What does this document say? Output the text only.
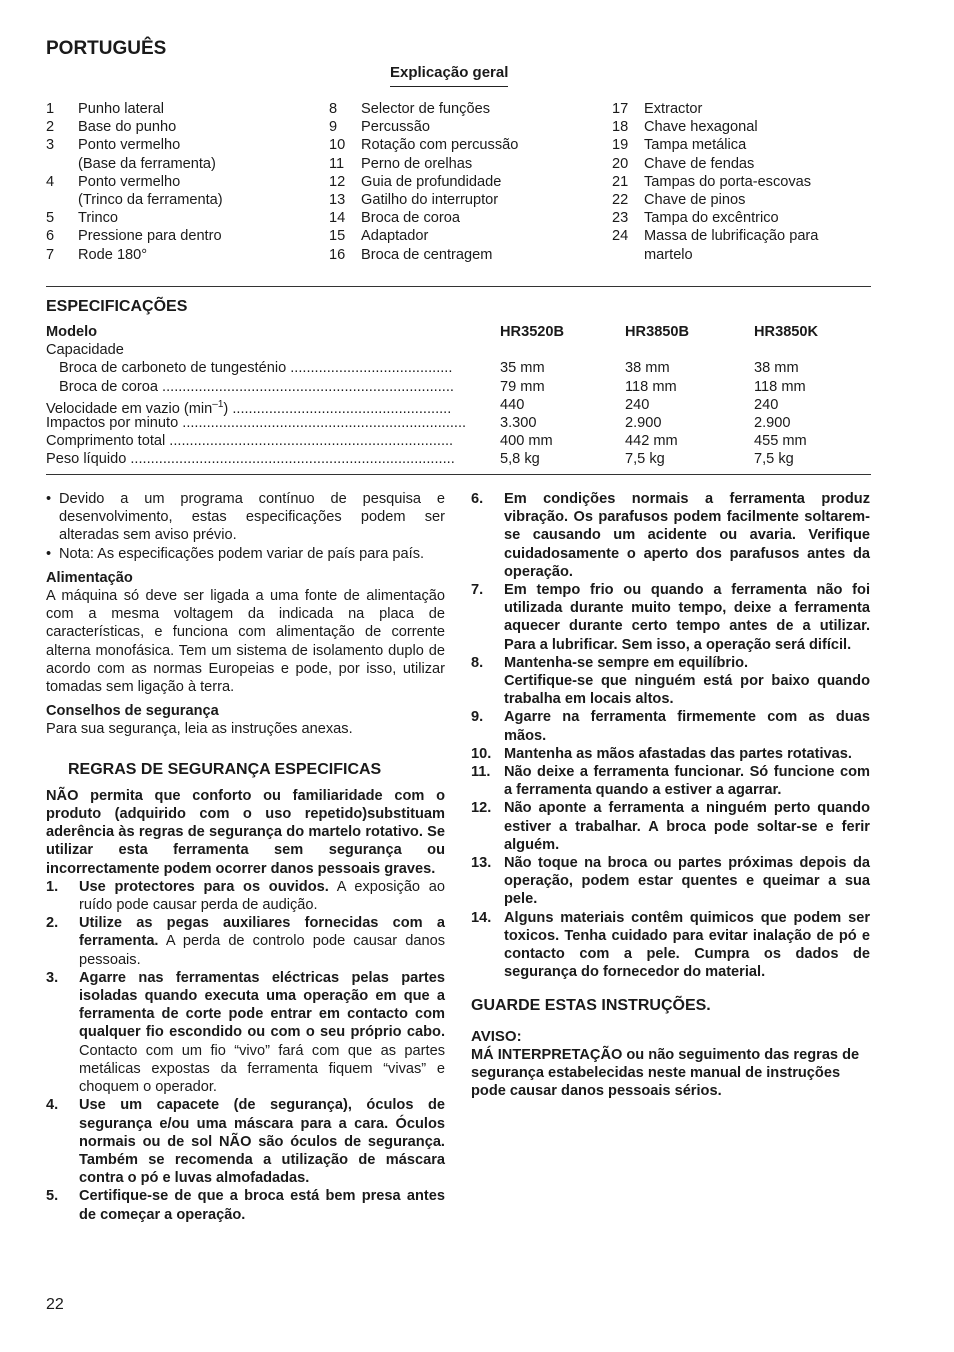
PORTUGUÊS
Explicação geral
1	Punho lateral
2	Base do punho
3	Ponto vermelho
(Base da ferramenta)
4	Ponto vermelho
(Trinco da ferramenta)
5	Trinco
6	Pressione para dentro
7	Rode 180°
8	Selector de funções
9	Percussão
10	Rotação com percussão
11	Perno de orelhas
12	Guia de profundidade
13	Gatilho do interruptor
14	Broca de coroa
15	Adaptador
16	Broca de centragem
17	Extractor
18	Chave hexagonal
19	Tampa metálica
20	Chave de fendas
21	Tampas do porta-escovas
22	Chave de pinos
23	Tampa do excêntrico
24	Massa de lubrificação para
martelo
ESPECIFICAÇÕES
Modelo	HR3520B	HR3850B	HR3850K
Capacidade
Broca de carboneto de tungesténio ........................................	35 mm	38 mm	38 mm
Broca de coroa ........................................................................	79 mm	118 mm	118 mm
Velocidade em vazio $(\min^{-1})$ ......................................................	440	240	240
Impactos por minuto ......................................................................	3.300	2.900	2.900
Comprimento total ......................................................................	400 mm	442 mm	455 mm
Peso líquido ................................................................................	5,8 kg	7,5 kg	7,5 kg
• Devido a um programa contínuo de pesquisa e desenvolvimento, estas especificações podem ser alteradas sem aviso prévio.
• Nota: As especificações podem variar de país para país.
Alimentação
A máquina só deve ser ligada a uma fonte de alimentação com a mesma voltagem da indicada na placa de características, e funciona com alimentação de corrente alterna monofásica. Tem um sistema de isolamento duplo de acordo com as normas Europeias e pode, por isso, utilizar tomadas sem ligação à terra.
Conselhos de segurança
Para sua segurança, leia as instruções anexas.
REGRAS DE SEGURANÇA ESPECIFICAS
NÃO permita que conforto ou familiaridade com o produto (adquirido com o uso repetido)substituam aderência às regras de segurança do martelo rotativo. Se utilizar esta ferramenta sem segurança ou incorrectamente podem ocorrer danos pessoais graves.
1.	Use protectores para os ouvidos. A exposição ao ruído pode causar perda de audição.
2.	Utilize as pegas auxiliares fornecidas com a ferramenta. A perda de controlo pode causar danos pessoais.
3.	Agarre nas ferramentas eléctricas pelas partes isoladas quando executa uma operação em que a ferramenta de corte pode entrar em contacto com qualquer fio escondido ou com o seu próprio cabo. Contacto com um fio “vivo” fará com que as partes metálicas expostas da ferramenta fiquem “vivas” e choquem o operador.
4.	Use um capacete (de segurança), óculos de segurança e/ou uma máscara para a cara. Óculos normais ou de sol NÃO são óculos de segurança. Também se recomenda a utilização de máscara contra o pó e luvas almofadadas.
5.	Certifique-se de que a broca está bem presa antes de começar a operação.
6.	Em condições normais a ferramenta produz vibração. Os parafusos podem facilmente soltarem-se causando um acidente ou avaria. Verifique cuidadosamente o aperto dos parafusos antes da operação.
7.	Em tempo frio ou quando a ferramenta não foi utilizada durante muito tempo, deixe a ferramenta aquecer durante certo tempo antes de a utilizar. Para a lubrificar. Sem isso, a operação será difícil.
8.	Mantenha-se sempre em equilíbrio.
Certifique-se que ninguém está por baixo quando trabalha em locais altos.
9.	Agarre na ferramenta firmemente com as duas mãos.
10. Mantenha as mãos afastadas das partes rotativas.
11. Não deixe a ferramenta funcionar. Só funcione com a ferramenta quando a estiver a agarrar.
12. Não aponte a ferramenta a ninguém perto quando estiver a trabalhar. A broca pode soltar-se e ferir alguém.
13. Não toque na broca ou partes próximas depois da operação, podem estar quentes e queimar a sua pele.
14. Alguns materiais contêm quimicos que podem ser toxicos. Tenha cuidado para evitar inalação de pó e contacto com a pele. Cumpra os dados de segurança do fornecedor do material.
GUARDE ESTAS INSTRUÇÕES.
AVISO:
MÁ INTERPRETAÇÃO ou não seguimento das regras de segurança estabelecidas neste manual de instruções pode causar danos pessoais sérios.
22
